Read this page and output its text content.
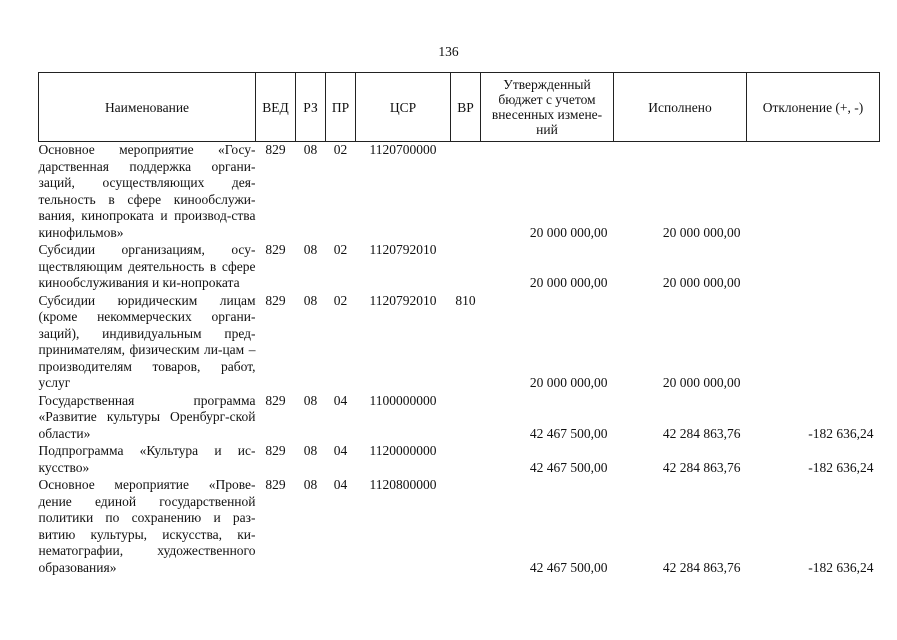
136
Наименование	ВЕД	РЗ	ПР	ЦСР	ВР	Утвержденный бюджет с учетом внесенных измене-ний	Исполнено	Отклонение (+, -)
Основное мероприятие «Госу-дарственная поддержка органи-заций, осуществляющих дея-тельность в сфере кинообслужи-вания, кинопроката и производ-ства кинофильмов»	829	08	02	1120700000		20 000 000,00	20 000 000,00	
Субсидии организациям, осу-ществляющим деятельность в сфере кинообслуживания и ки-нопроката	829	08	02	1120792010		20 000 000,00	20 000 000,00	
Субсидии юридическим лицам (кроме некоммерческих органи-заций), индивидуальным пред-принимателям, физическим ли-цам – производителям товаров, работ, услуг	829	08	02	1120792010	810	20 000 000,00	20 000 000,00	
Государственная программа «Развитие культуры Оренбург-ской области»	829	08	04	1100000000		42 467 500,00	42 284 863,76	-182 636,24
Подпрограмма «Культура и ис-кусство»	829	08	04	1120000000		42 467 500,00	42 284 863,76	-182 636,24
Основное мероприятие «Прове-дение единой государственной политики по сохранению и раз-витию культуры, искусства, ки-нематографии, художественного образования»	829	08	04	1120800000		42 467 500,00	42 284 863,76	-182 636,24
